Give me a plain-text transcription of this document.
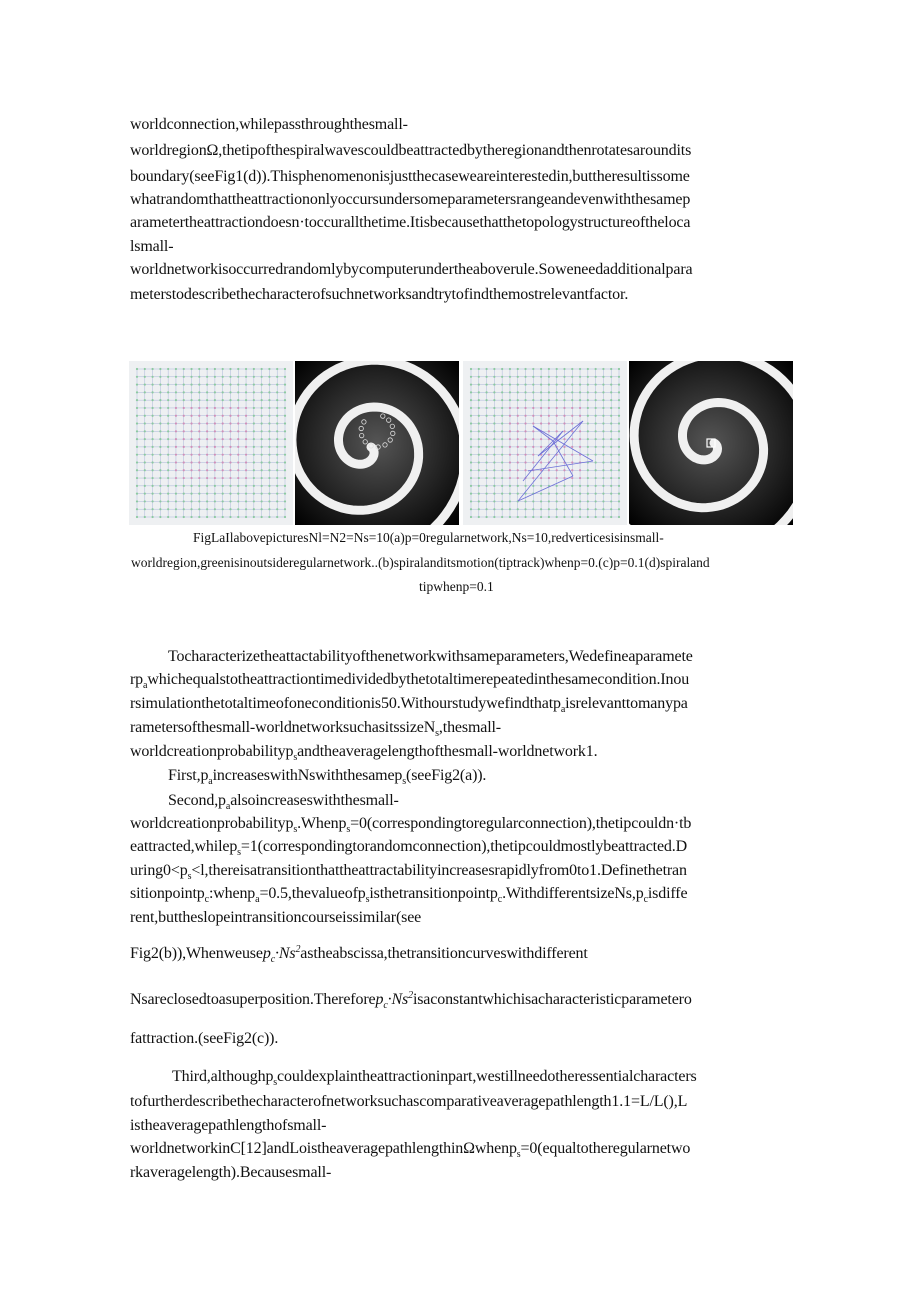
worldconnection,whilepassthroughthesmall-
worldregionΩ,thetipofthespiralwavescouldbeattractedbytheregionandthenrotatesaroundits
boundary(seeFig1(d)).Thisphenomenonisjustthecaseweareinterestedin,buttheresultissome
whatrandomthattheattractiononlyoccursundersomeparametersrangeandevenwiththesamep
arametertheattractiondoesn·toccurallthetime.Itisbecausethatthetopologystructureofthelоca
lsmall-
worldnetworkisoccurredrandomlybycomputerundertheaboverule.Soweneedadditionalpara
meterstodescribethecharacterofsuchnetworksandtrytofindthemostrelevantfactor.
FigLaIlabovepicturesNl=N2=Ns=10(a)p=0regularnetwork,Ns=10,redverticesisinsmall-
worldregion,greenisinoutsideregularnetwork..(b)spiralanditsmotion(tiptrack)whenp=0.(c)p=0.1(d)spiraland
tipwhenp=0.1
Tocharacterizetheattactabilityofthenetworkwithsameparameters,Wedefineaparamete
$rp_awhichequalstotheattractiontimedividedbythetotaltimerepeatedinthesamecondition.Inou$
rsimulationthetotaltimeofoneconditionis50.Withourstudywefindthatp$_a$isrelevanttomanypa
rametersofthesmall-worldnetworksuchasitssizeN$_s$,thesmall-
worldcreationprobabilityp$_s$andtheaveragelengthofthesmall-worldnetwork1.
$First,p_aincreaseswithNswiththesamep_s(seeFig2(a))$.
$Second,p_aalsoincreaseswiththesmall-$
worldcreationprobabilityp$_s$.Whenp$_s$=0(correspondingtoregularconnection),thetipcouldn·tb
eattracted,whilep$_s$=1(correspondingtorandomconnection),thetipcouldmostlybeattracted.D
$uring0<p_s<l,thereisatransitionthattheattractabilityincreasesrapidlyfrom0to1.Definethetran$
$sitionpointp_c:whenp_a=0.5,thevalueofp_sisthetransitionpointp_c.WithdifferentsizeNs,p_cisdiffe$
rent,buttheslopeintransitioncourseissimilar(see
$Fig2(b)),Whenweusep_c\cdot Ns^2astheabscissa,thetransitioncurveswithdifferent$
$Nsareclosedtoasuperposition.Thereforep_c\cdot Ns^2isaconstantwhichisacharacteristicparametero$
fattraction.(seeFig2(c)).
Third,althoughp$_s$couldexplaintheattractioninpart,westillneedotheressentialcharacters
tofurtherdescribethecharacterofnetworksuchascomparativeaveragepathlength1.1=L/L(),L
istheaveragepathlengthofsmall-
worldnetworkinC[12]andLoistheaveragepathlengthinΩwhenp$_s$=0(equaltotheregularnetwo
rkaveragelength).Becausesmall-
